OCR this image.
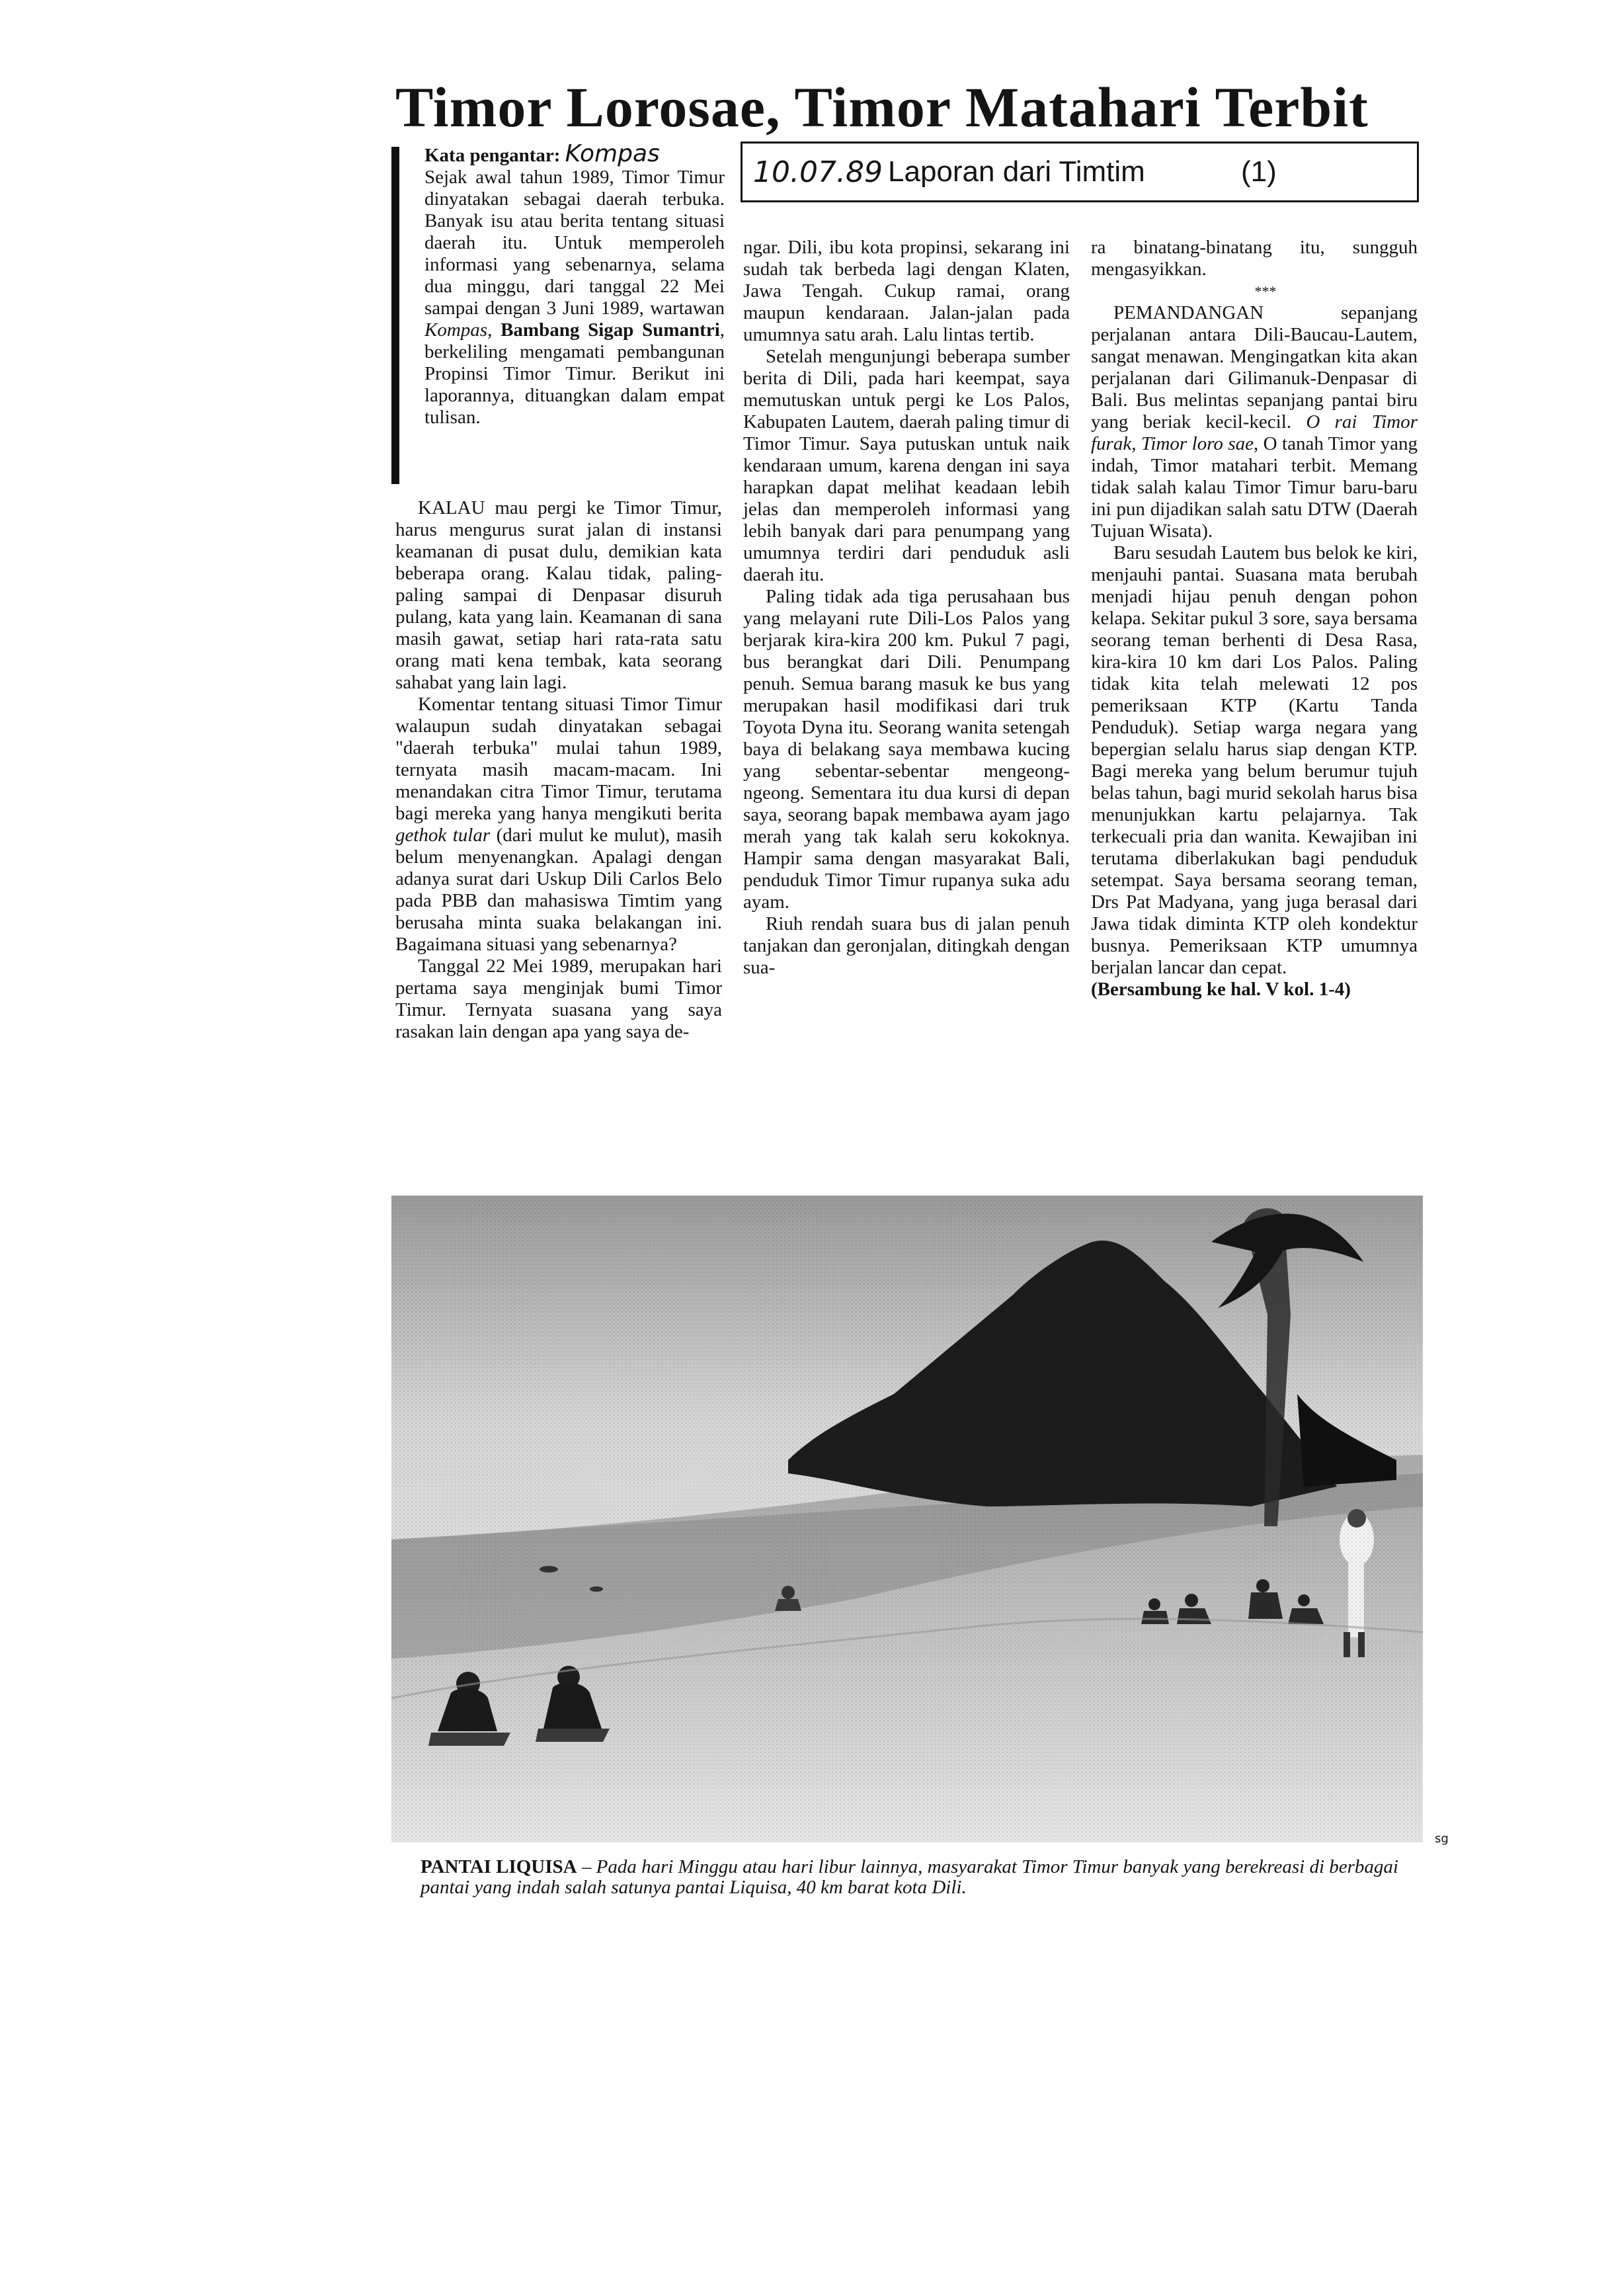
Timor Lorosae, Timor Matahari Terbit
Kata pengantar: Kompas
Sejak awal tahun 1989, Timor Timur dinyatakan sebagai daerah terbuka. Banyak isu atau berita tentang situasi daerah itu. Untuk memperoleh informasi yang sebenarnya, selama dua minggu, dari tanggal 22 Mei sampai dengan 3 Juni 1989, wartawan Kompas, Bambang Sigap Sumantri, berkeliling mengamati pembangunan Propinsi Timor Timur. Berikut ini laporannya, dituangkan dalam empat tulisan.
10.07.89 Laporan dari Timtim	(1)

KALAU mau pergi ke Timor Timur, harus mengurus surat jalan di instansi keamanan di pusat dulu, demikian kata beberapa orang. Kalau tidak, paling-paling sampai di Denpasar disuruh pulang, kata yang lain. Keamanan di sana masih gawat, setiap hari rata-rata satu orang mati kena tembak, kata seorang sahabat yang lain lagi.

Komentar tentang situasi Timor Timur walaupun sudah dinyatakan sebagai "daerah terbuka" mulai tahun 1989, ternyata masih macam-macam. Ini menandakan citra Timor Timur, terutama bagi mereka yang hanya mengikuti berita gethok tular (dari mulut ke mulut), masih belum menyenangkan. Apalagi dengan adanya surat dari Uskup Dili Carlos Belo pada PBB dan mahasiswa Timtim yang berusaha minta suaka belakangan ini. Bagaimana situasi yang sebenarnya?

Tanggal 22 Mei 1989, merupakan hari pertama saya menginjak bumi Timor Timur. Ternyata suasana yang saya rasakan lain dengan apa yang saya de-

ngar. Dili, ibu kota propinsi, sekarang ini sudah tak berbeda lagi dengan Klaten, Jawa Tengah. Cukup ramai, orang maupun kendaraan. Jalan-jalan pada umumnya satu arah. Lalu lintas tertib.

Setelah mengunjungi beberapa sumber berita di Dili, pada hari keempat, saya memutuskan untuk pergi ke Los Palos, Kabupaten Lautem, daerah paling timur di Timor Timur. Saya putuskan untuk naik kendaraan umum, karena dengan ini saya harapkan dapat melihat keadaan lebih jelas dan memperoleh informasi yang lebih banyak dari para penumpang yang umumnya terdiri dari penduduk asli daerah itu.

Paling tidak ada tiga perusahaan bus yang melayani rute Dili-Los Palos yang berjarak kira-kira 200 km. Pukul 7 pagi, bus berangkat dari Dili. Penumpang penuh. Semua barang masuk ke bus yang merupakan hasil modifikasi dari truk Toyota Dyna itu. Seorang wanita setengah baya di belakang saya membawa kucing yang sebentar-sebentar mengeong-ngeong. Sementara itu dua kursi di depan saya, seorang bapak membawa ayam jago merah yang tak kalah seru kokoknya. Hampir sama dengan masyarakat Bali, penduduk Timor Timur rupanya suka adu ayam.

Riuh rendah suara bus di jalan penuh tanjakan dan geronjalan, ditingkah dengan sua-

ra binatang-binatang itu, sungguh mengasyikkan.

***

PEMANDANGAN sepanjang perjalanan antara Dili-Baucau-Lautem, sangat menawan. Mengingatkan kita akan perjalanan dari Gilimanuk-Denpasar di Bali. Bus melintas sepanjang pantai biru yang beriak kecil-kecil. O rai Timor furak, Timor loro sae, O tanah Timor yang indah, Timor matahari terbit. Memang tidak salah kalau Timor Timur baru-baru ini pun dijadikan salah satu DTW (Daerah Tujuan Wisata).

Baru sesudah Lautem bus belok ke kiri, menjauhi pantai. Suasana mata berubah menjadi hijau penuh dengan pohon kelapa. Sekitar pukul 3 sore, saya bersama seorang teman berhenti di Desa Rasa, kira-kira 10 km dari Los Palos. Paling tidak kita telah melewati 12 pos pemeriksaan KTP (Kartu Tanda Penduduk). Setiap warga negara yang bepergian selalu harus siap dengan KTP. Bagi mereka yang belum berumur tujuh belas tahun, bagi murid sekolah harus bisa menunjukkan kartu pelajarnya. Tak terkecuali pria dan wanita. Kewajiban ini terutama diberlakukan bagi penduduk setempat. Saya bersama seorang teman, Drs Pat Madyana, yang juga berasal dari Jawa tidak diminta KTP oleh kondektur busnya. Pemeriksaan KTP umumnya berjalan lancar dan cepat.

(Bersambung ke hal. V kol. 1-4)

sg
PANTAI LIQUISA – Pada hari Minggu atau hari libur lainnya, masyarakat Timor Timur banyak yang berekreasi di berbagai pantai yang indah salah satunya pantai Liquisa, 40 km barat kota Dili.
